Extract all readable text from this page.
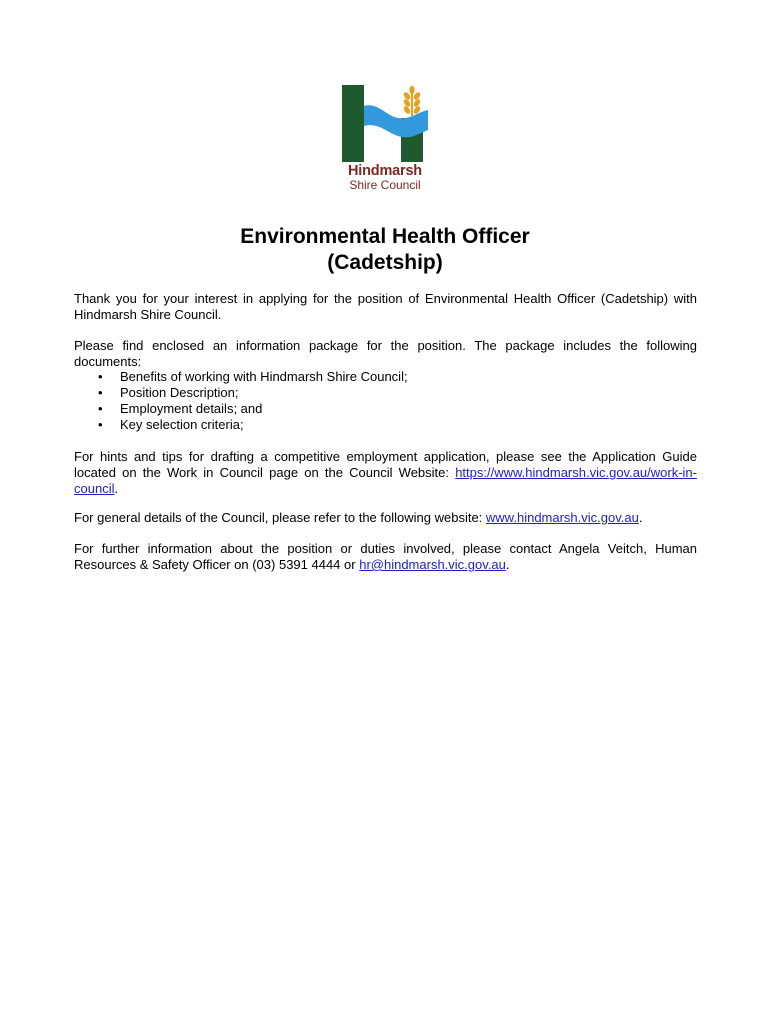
Hindmarsh
Shire Council
Environmental Health Officer
(Cadetship)

Thank you for your interest in applying for the position of Environmental Health Officer (Cadetship) with Hindmarsh Shire Council.

Please find enclosed an information package for the position. The package includes the following documents:

• Benefits of working with Hindmarsh Shire Council;
• Position Description;
• Employment details; and
• Key selection criteria;

For hints and tips for drafting a competitive employment application, please see the Application Guide located on the Work in Council page on the Council Website: https://www.hindmarsh.vic.gov.au/work-in-council.

For general details of the Council, please refer to the following website: www.hindmarsh.vic.gov.au.

For further information about the position or duties involved, please contact Angela Veitch, Human Resources & Safety Officer on (03) 5391 4444 or hr@hindmarsh.vic.gov.au.
